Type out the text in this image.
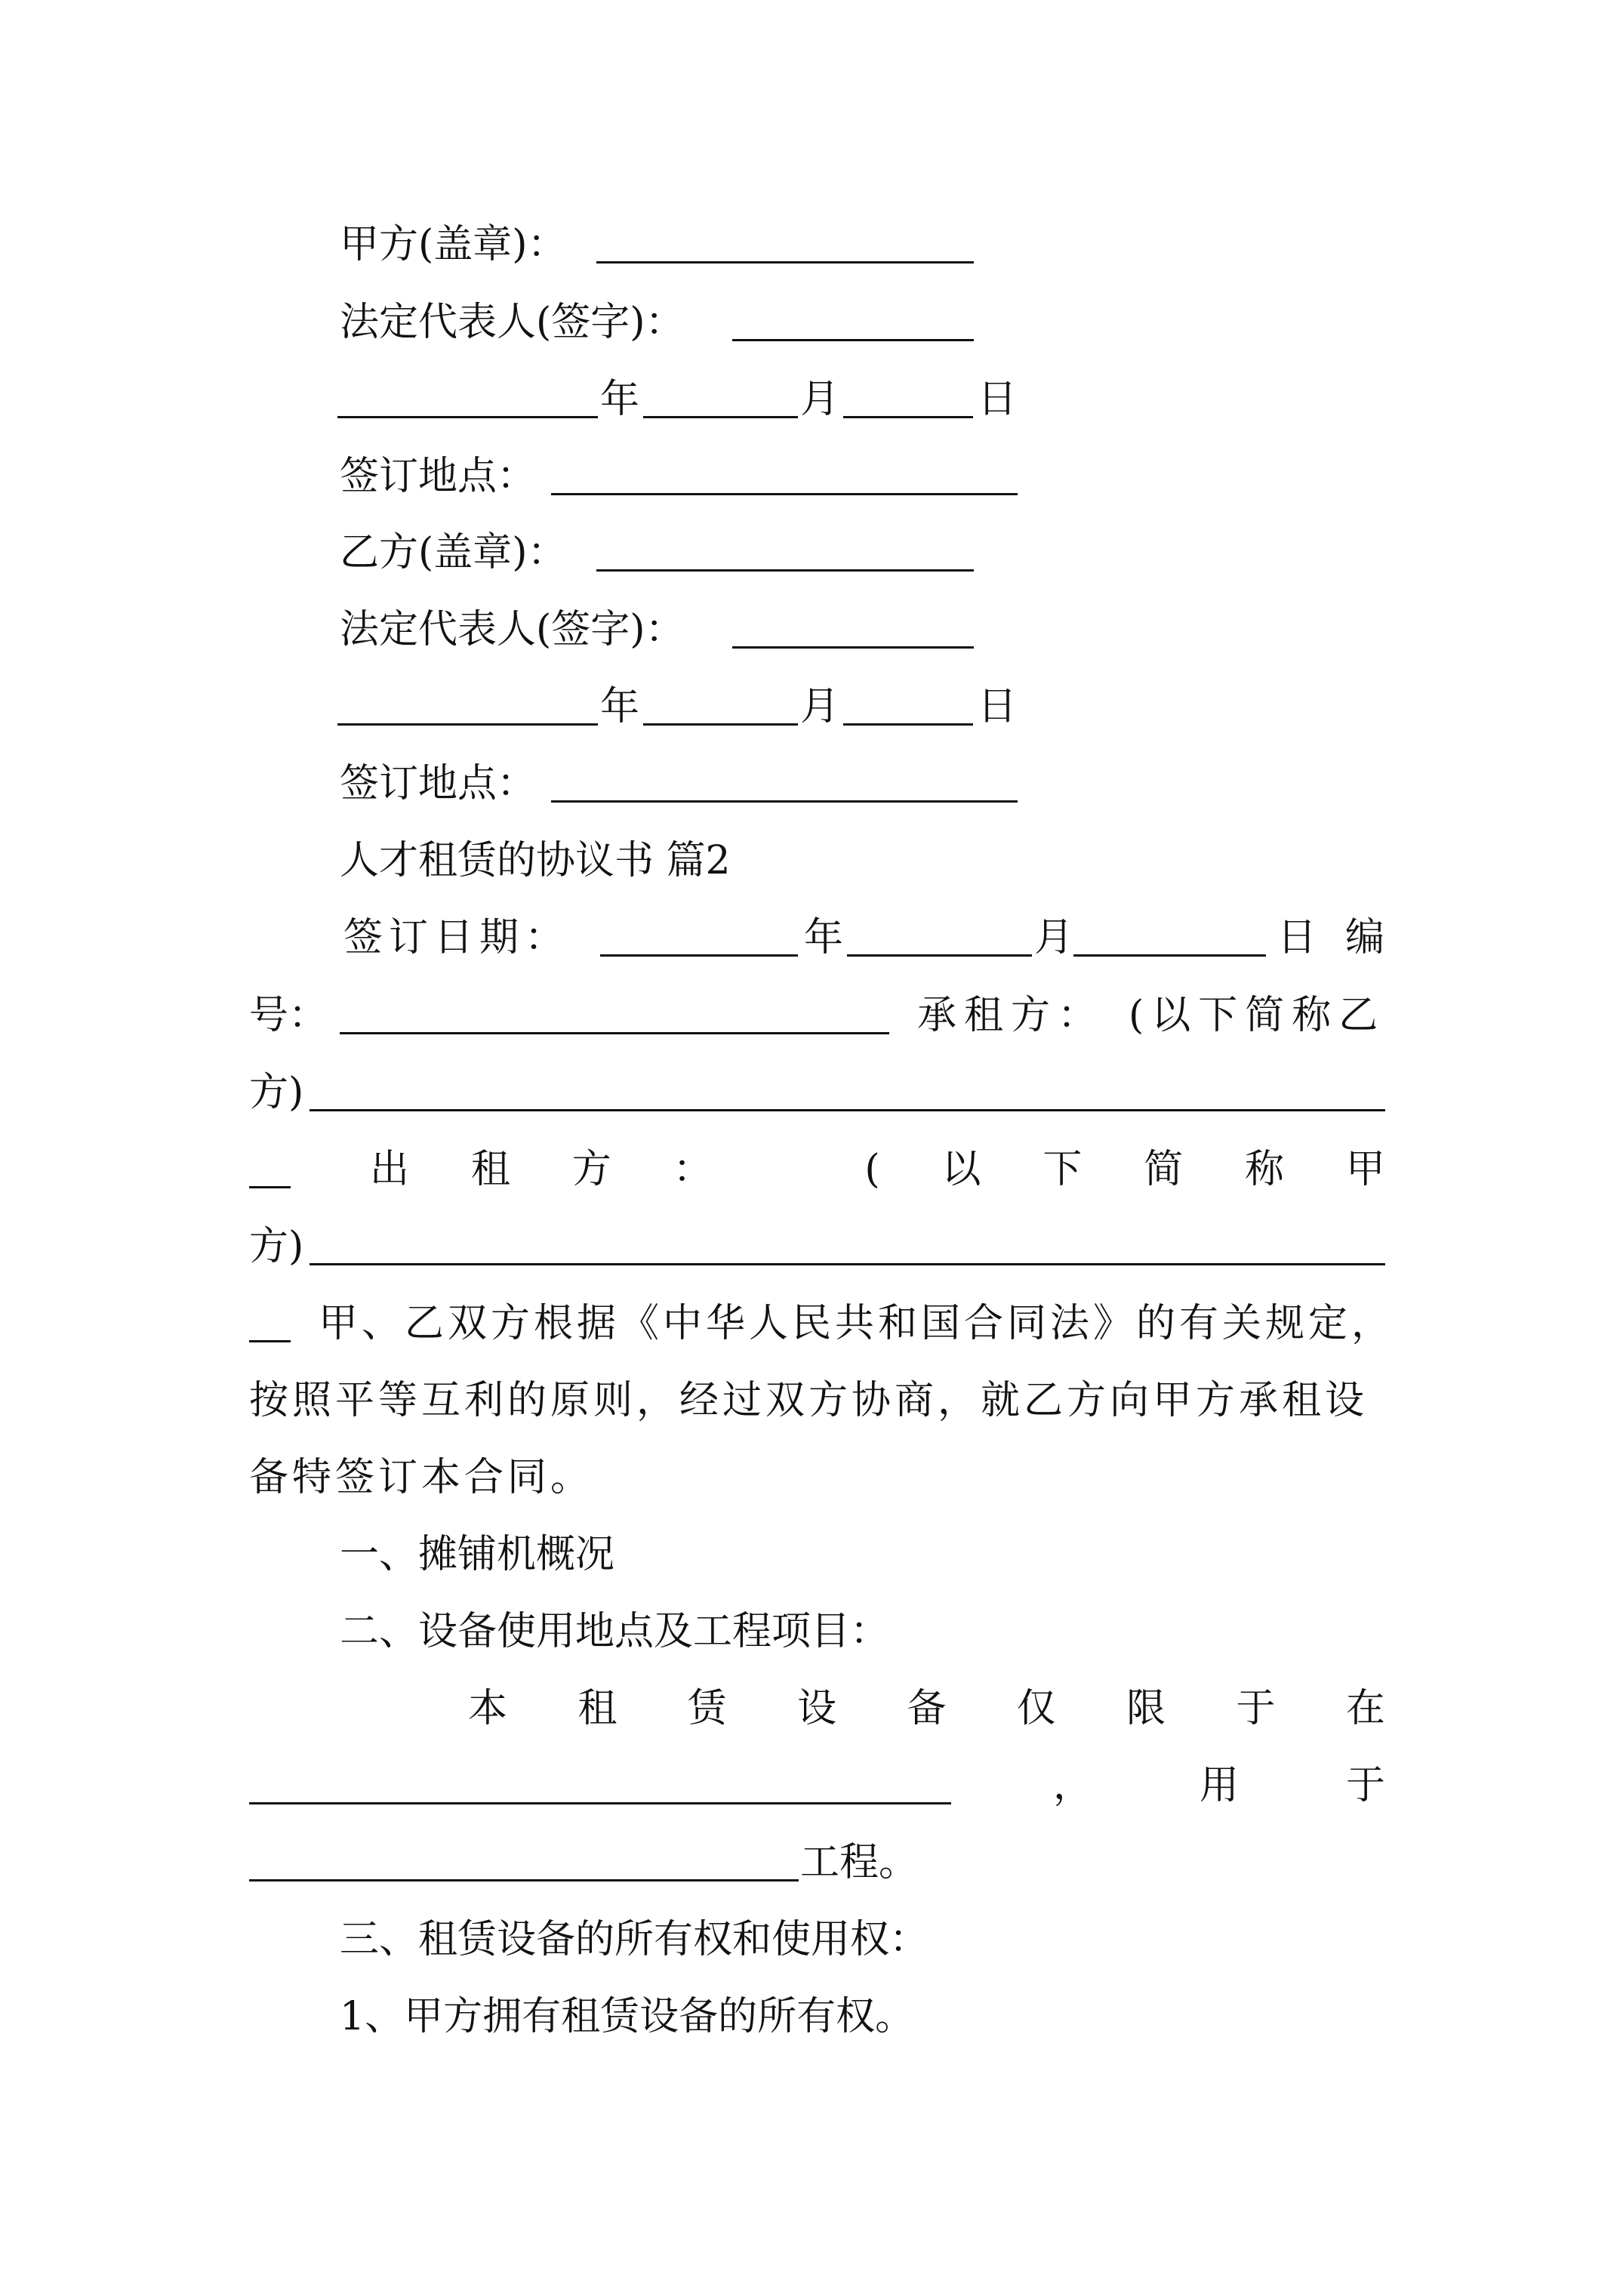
甲方(盖章)：
法定代表人(签字)：
年	月	日
签订地点：
乙方(盖章)：
法定代表人(签字)：
年	月	日
签订地点：
人才租赁的协议书 篇2
签订日期：	年	月	日 编
号：	承租方： (以下简称乙
方)
出 租 方 ：	( 以 下 简 称 甲
方)
甲、乙双方根据《中华人民共和国合同法》的有关规定，
按照平等互利的原则，经过双方协商，就乙方向甲方承租设
备特签订本合同。
一、摊铺机概况
二、设备使用地点及工程项目：
本 租 赁 设 备 仅 限 于 在
，	用	于
工程。
三、租赁设备的所有权和使用权：
1、甲方拥有租赁设备的所有权。
